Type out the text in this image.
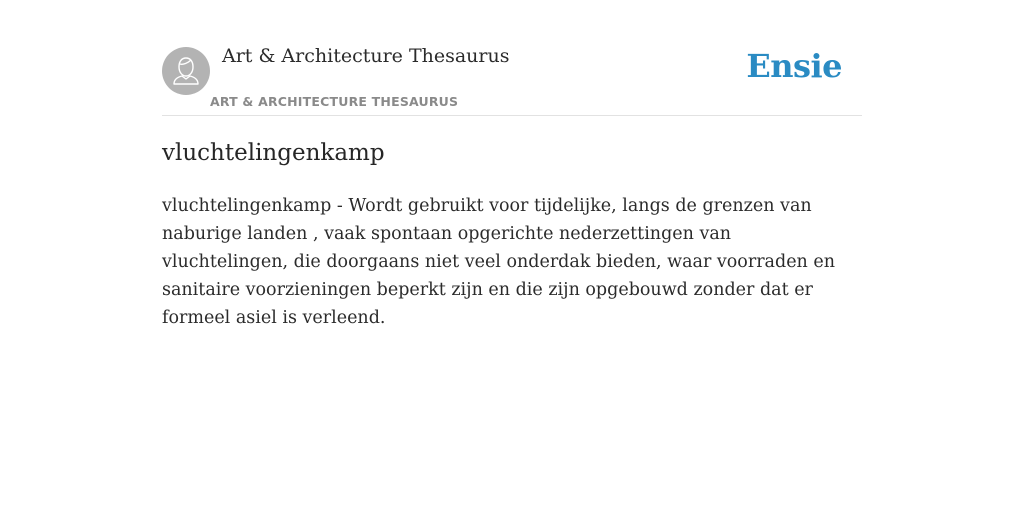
Art & Architecture Thesaurus
ART & ARCHITECTURE THESAURUS
Ensie
vluchtelingenkamp

vluchtelingenkamp - Wordt gebruikt voor tijdelijke, langs de grenzen van naburige landen , vaak spontaan opgerichte nederzettingen van vluchtelingen, die doorgaans niet veel onderdak bieden, waar voorraden en sanitaire voorzieningen beperkt zijn en die zijn opgebouwd zonder dat er formeel asiel is verleend.
